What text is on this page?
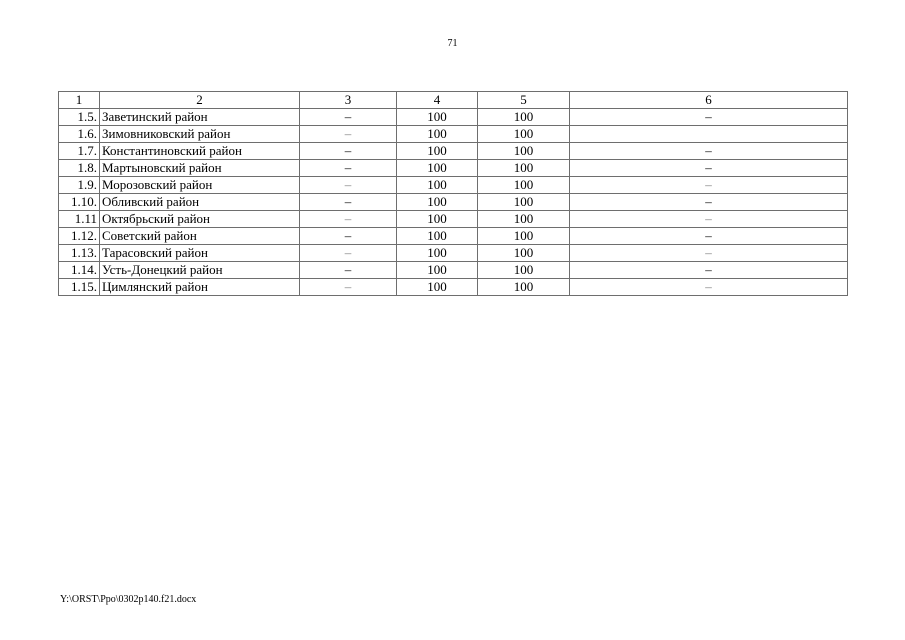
71
1	2	3	4	5	6
1.5.	Заветинский район	–	100	100	–
1.6.	Зимовниковский район	–	100	100	
1.7.	Константиновский район	–	100	100	–
1.8.	Мартыновский район	–	100	100	–
1.9.	Морозовский район	–	100	100	–
1.10.	Обливский район	–	100	100	–
1.11	Октябрьский район	–	100	100	–
1.12.	Советский район	–	100	100	–
1.13.	Тарасовский район	–	100	100	–
1.14.	Усть-Донецкий район	–	100	100	–
1.15.	Цимлянский район	–	100	100	–
Y:\ORST\Ppo\0302p140.f21.docx
